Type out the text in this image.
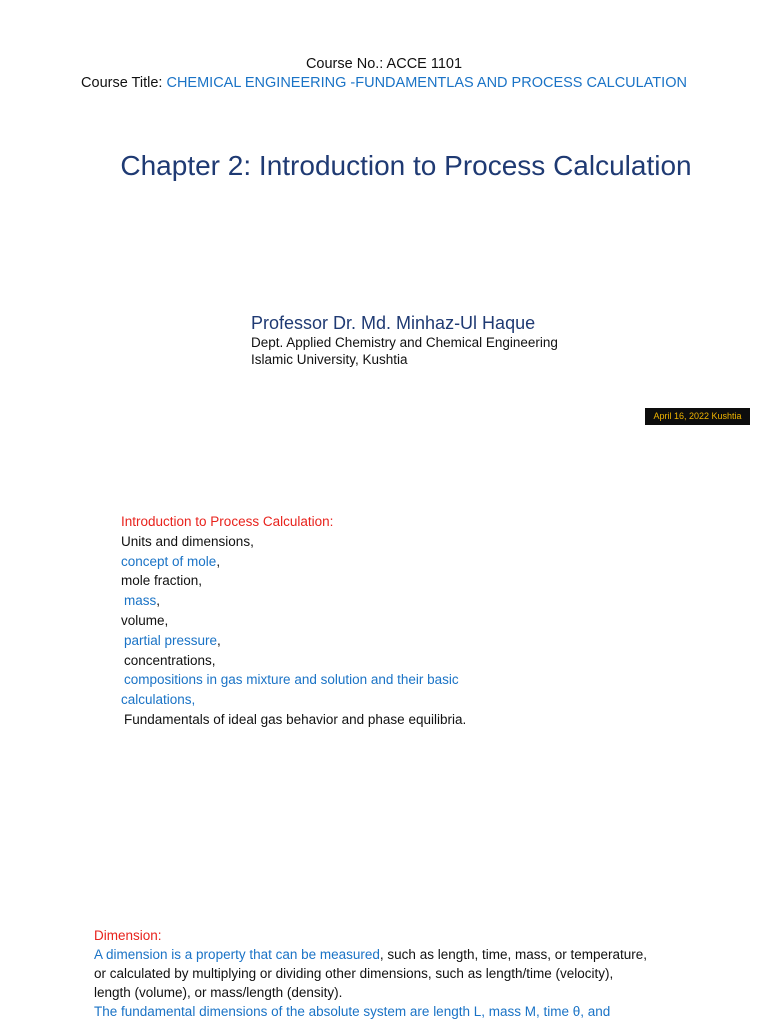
Course No.: ACCE 1101
Course Title: CHEMICAL ENGINEERING -FUNDAMENTLAS AND PROCESS CALCULATION
Chapter 2: Introduction to Process Calculation
Professor Dr. Md. Minhaz-Ul Haque
Dept. Applied Chemistry and Chemical Engineering
Islamic University, Kushtia
April 16, 2022 Kushtia
Introduction to Process Calculation:
Units and dimensions,
concept of mole,
mole fraction,
mass,
volume,
partial pressure,
concentrations,
compositions in gas mixture and solution and their basic
calculations,
Fundamentals of ideal gas behavior and phase equilibria.
Dimension:
A dimension is a property that can be measured, such as length, time, mass, or temperature,
or calculated by multiplying or dividing other dimensions, such as length/time (velocity),
length (volume), or mass/length (density).
The fundamental dimensions of the absolute system are length L, mass M, time θ, and
